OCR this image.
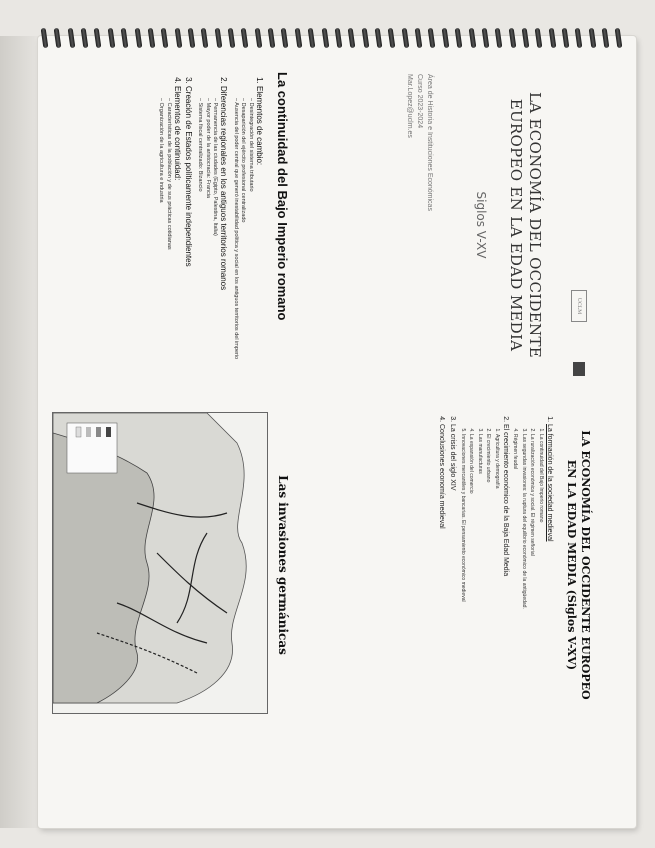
UCLM
LA ECONOMÍA DEL OCCIDENTE
EUROPEO EN LA EDAD MEDIA
Siglos V-XV
Área de Historia e Instituciones Económicas
Curso 2023-2024
Mar.Lopez@uclm.es
LA ECONOMÍA DEL OCCIDENTE EUROPEO
EN LA EDAD MEDIA (Siglos V-XV)
1. La formación de la sociedad medieval
1. La continuidad del Bajo Imperio romano
2. La ruralización económica y social. El régimen señorial
3. Las segundas invasiones: la ruptura del equilibrio económico de la antigüedad.
4. Régimen feudal
2. El crecimiento económico de la Baja Edad Media
1. Agricultura y demografía
2. El crecimiento urbano
3. Las manufacturas
4. La expansión del comercio
5. Innovaciones mercantiles y bancarias. El pensamiento económico medieval
3. La crisis del siglo XIV
4. Conclusiones economía medieval
La continuidad del Bajo Imperio romano
1. Elementos de cambio:
– Desintegración del sistema tributario
– Desaparición del ejército profesional centralizado
– Ausencia del poder central que generó inestabilidad política y social en los antiguos territorios del imperio
2. Diferencias regionales en los antiguos territorios romanos
– Permanencia de las ciudades (Egipto, Palestina, Italia)
– Mayor poder de la aristocracia: Francia
– Sistema fiscal centralizado: Bizancio
3. Creación de Estados políticamente independientes
4. Elementos de continuidad:
– Características de la población y de sus prácticas cotidianas
– Organización de la agricultura e industria
Las invasiones germánicas
